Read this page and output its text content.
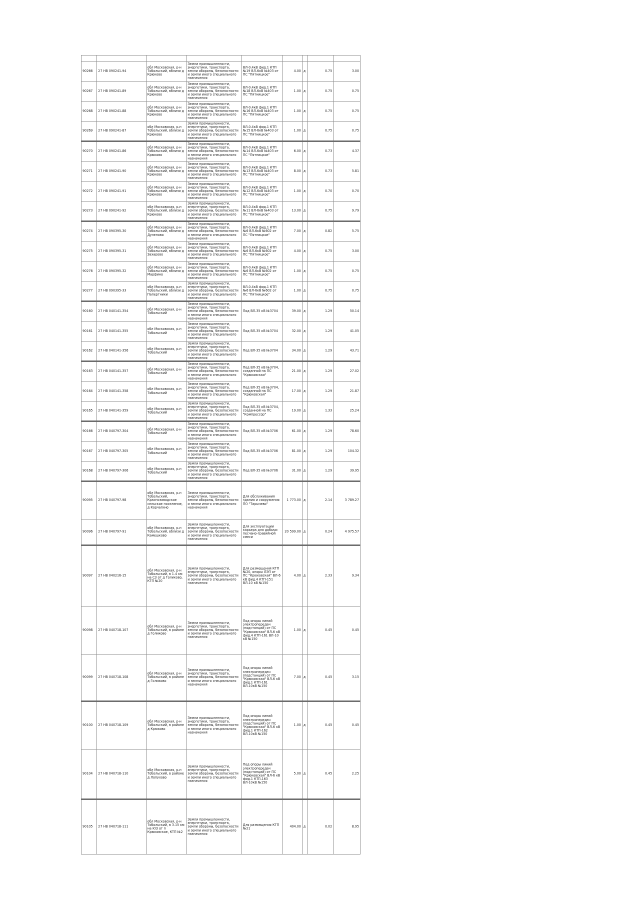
90266	27 НВ 090241-94	обл Московская, р-н Тобольский, вблизи д Крюково	Земли промышленности, энергетики, транспорта, земли обороны, безопасности и земли иного специального назначения	ВЛ-0.4кВ фид.1 КТП №19 ВЛ-6кВ №403 от ПС "Пятницкое"	4.00	д	0.75	3.00
90267	27 НВ 090241-89	обл Московская, р-н Тобольский, вблизи д Крюково	Земли промышленности, энергетики, транспорта, земли обороны, безопасности и земли иного специального назначения	ВЛ-0.4кВ фид.1 КТП №18 ВЛ-6кВ №403 от ПС "Пятницкое"	1.00	д	0.75	0.75
90268	27 НВ 090241-88	обл Московская, р-н Тобольский, вблизи д Крюково	Земли промышленности, энергетики, транспорта, земли обороны, безопасности и земли иного специального назначения	ВЛ-0.4кВ фид.1 КТП №16 ВЛ-6кВ №403 от ПС "Пятницкое"	1.00	д	0.75	0.75
90269	27 НВ 090241-87	обл Московская, р-н Тобольский, вблизи д Крюково	Земли промышленности, энергетики, транспорта, земли обороны, безопасности и земли иного специального назначения	ВЛ-0.4кВ фид.1 КТП №15 ВЛ-6кВ №403 от ПС "Пятницкое"	1.00	д	0.75	0.75
90270	27 НВ 090241-86	обл Московская, р-н Тобольский, вблизи д Крюково	Земли промышленности, энергетики, транспорта, земли обороны, безопасности и земли иного специального назначения	ВЛ-0.4кВ фид.1 КТП №14 ВЛ-6кВ №403 от ПС "Пятницкое"	6.00	д	0.73	4.37
90271	27 НВ 090241-90	обл Московская, р-н Тобольский, вблизи д Крюково	Земли промышленности, энергетики, транспорта, земли обороны, безопасности и земли иного специального назначения	ВЛ-0.4кВ фид.1 КТП №13 ВЛ-6кВ №403 от ПС "Пятницкое"	8.00	д	0.73	5.81
90272	27 НВ 090241-91	обл Московская, р-н Тобольский, вблизи д Крюково	Земли промышленности, энергетики, транспорта, земли обороны, безопасности и земли иного специального назначения	ВЛ-0.4кВ фид.1 КТП №12 ВЛ-6кВ №403 от ПС "Пятницкое"	1.00	д	0.70	0.70
90273	27 НВ 090241-92	обл Московская, р-н Тобольский, вблизи д Крюково	Земли промышленности, энергетики, транспорта, земли обороны, безопасности и земли иного специального назначения	ВЛ-0.4кВ фид.1 КТП №11 ВЛ-6кВ №403 от ПС "Пятницкое"	13.00	д	0.75	9.79
90274	27 НВ 090395-30	обл Московская, р-н Тобольский, вблизи д Дулепово	Земли промышленности, энергетики, транспорта, земли обороны, безопасности и земли иного специального назначения	ВЛ-0.4кВ фид.1 КТП №6 ВЛ-6кВ №602 от ПС "Пятницкое"	7.00	д	0.82	5.75
90275	27 НВ 090395-31	обл Московская, р-н Тобольский, вблизи д Захарово	Земли промышленности, энергетики, транспорта, земли обороны, безопасности и земли иного специального назначения	ВЛ-0.4кВ фид.1 КТП №6 ВЛ-6кВ №602 от ПС "Пятницкое"	4.00	д	0.75	3.00
90276	27 НВ 090395-32	обл Московская, р-н Тобольский, вблизи д Марфино	Земли промышленности, энергетики, транспорта, земли обороны, безопасности и земли иного специального назначения	ВЛ-0.4кВ фид.1 КТП №6 ВЛ-6кВ №602 от ПС "Пятницкое"	1.00	д	0.75	0.75
90277	27 НВ 090395-33	обл Московская, р-н Тобольский, вблизи д Папертники	Земли промышленности, энергетики, транспорта, земли обороны, безопасности и земли иного специального назначения	ВЛ-0.4кВ фид.1 КТП №6 ВЛ-6кВ №602 от ПС "Пятницкое"	1.00	д	0.75	0.75
90160	27 НВ 040141-354	обл Московская, р-н Тобольский	Земли промышленности, энергетики, транспорта, земли обороны, безопасности и земли иного специального назначения	Под ВЛ-35 кВ №3704	39.00	д	1.29	50.14
90161	27 НВ 040141-355	обл Московская, р-н Тобольский	Земли промышленности, энергетики, транспорта, земли обороны, безопасности и земли иного специального назначения	Под ВЛ-35 кВ №3704	32.00	д	1.29	41.05
90162	27 НВ 040141-356	обл Московская, р-н Тобольский	Земли промышленности, энергетики, транспорта, земли обороны, безопасности и земли иного специального назначения	Под ВЛ-35 кВ №3704	34.00	д	1.29	43.71
90163	27 НВ 040141-357	обл Московская, р-н Тобольский	Земли промышленности, энергетики, транспорта, земли обороны, безопасности и земли иного специального назначения	Под ВЛ-35 кВ №3704, созданной на ПС "Крюковская"	21.00	д	1.29	27.02
90164	27 НВ 040141-358	обл Московская, р-н Тобольский	Земли промышленности, энергетики, транспорта, земли обороны, безопасности и земли иного специального назначения	Под ВЛ-35 кВ №3704, созданной на ПС "Крюковская"	17.00	д	1.29	21.87
90165	27 НВ 040141-359	обл Московская, р-н Тобольский	Земли промышленности, энергетики, транспорта, земли обороны, безопасности и земли иного специального назначения	Под ВЛ-35 кВ №3704, созданной на ПС "Компрессор"	19.00	д	1.33	25.24
90166	27 НВ 040797-304	обл Московская, р-н Тобольский	Земли промышленности, энергетики, транспорта, земли обороны, безопасности и земли иного специального назначения	Под ВЛ-35 кВ №3706	61.00	д	1.29	78.60
90167	27 НВ 040797-305	обл Московская, р-н Тобольский	Земли промышленности, энергетики, транспорта, земли обороны, безопасности и земли иного специального назначения	Под ВЛ-35 кВ №3706	81.00	д	1.29	104.32
90168	27 НВ 040797-306	обл Московская, р-н Тобольский	Земли промышленности, энергетики, транспорта, земли обороны, безопасности и земли иного специального назначения	Под ВЛ-35 кВ №3706	31.00	д	1.29	39.95
90095	27 НВ 040797-98	обл Московская, р-н Тобольский, Краснозаводское сельское поселение, д Корчагино	Земли промышленности, энергетики, транспорта, земли обороны, безопасности и земли иного специального назначения	Для обслуживания здания и сооружения ПО "Тарычево"	1 773.00	д	2.14	3 789.27
90096	27 НВ 040797-91	обл Московская, р-н Тобольский, вблизи д Камешково	Земли промышленности, энергетики, транспорта, земли обороны, безопасности и земли иного специального назначения	Для эксплуатации карьера для добычи песчано-гравийной смеси	20 599.00	д	0.24	4 975.57
90097	27 НВ 040216-15	обл Московская, р-н Тобольский, в 1.4 км на СЗ от д Голиково, КТП №20	Земли промышленности, энергетики, транспорта, земли обороны, безопасности и земли иного специального назначения	Для размещения КТП №20, опоры ЛЭП от ПС "Крюковская" ВЛ-6 кВ фид.4 КТП-151 ВЛ-10 кВ №150	4.00	д	2.33	9.34
90098	27 НВ 040718-107	обл Московская, р-н Тобольский, в районе д Голиково	Земли промышленности, энергетики, транспорта, земли обороны, безопасности и земли иного специального назначения	Под опоры линий электропередач (подстанций) от ПС "Крюковская" ВЛ-6 кВ фид.4 КТП-161 ВЛ-10 кВ №150	1.00	д	0.45	0.45
90099	27 НВ 040718-108	обл Московская, р-н Тобольский, в районе д Голиково	Земли промышленности, энергетики, транспорта, земли обороны, безопасности и земли иного специального назначения	Под опоры линий электропередач (подстанций) от ПС "Крюковская" ВЛ-6 кВ фид.1 КТП-161 ВЛ-10кВ №150	7.00	д	0.45	3.15
90100	27 НВ 040718-109	обл Московская, р-н Тобольский, в районе д Крюково	Земли промышленности, энергетики, транспорта, земли обороны, безопасности и земли иного специального назначения	Под опоры линий электропередач (подстанций) от ПС "Крюковская" ВЛ-6 кВ фид.1 КТП-162 ВЛ-10кВ №150	1.00	д	0.45	0.45
90104	27 НВ 040718-110	обл Московская, р-н Тобольский, в районе д Лопухово	Земли промышленности, энергетики, транспорта, земли обороны, безопасности и земли иного специального назначения	Под опоры линий электропередач (подстанций) от ПС "Крюковская" ВЛ-6 кВ фид.1 КТП-163 ВЛ-10кВ №150	5.00	д	0.45	2.25
90105	27 НВ 040718-111	обл Московская, р-н Тобольский, в 3.15 км на ЮЗ от п Крюковское, КТП №2	Земли промышленности, энергетики, транспорта, земли обороны, безопасности и земли иного специального назначения	Для размещения КТП №21	404.00	д	0.02	8.95
